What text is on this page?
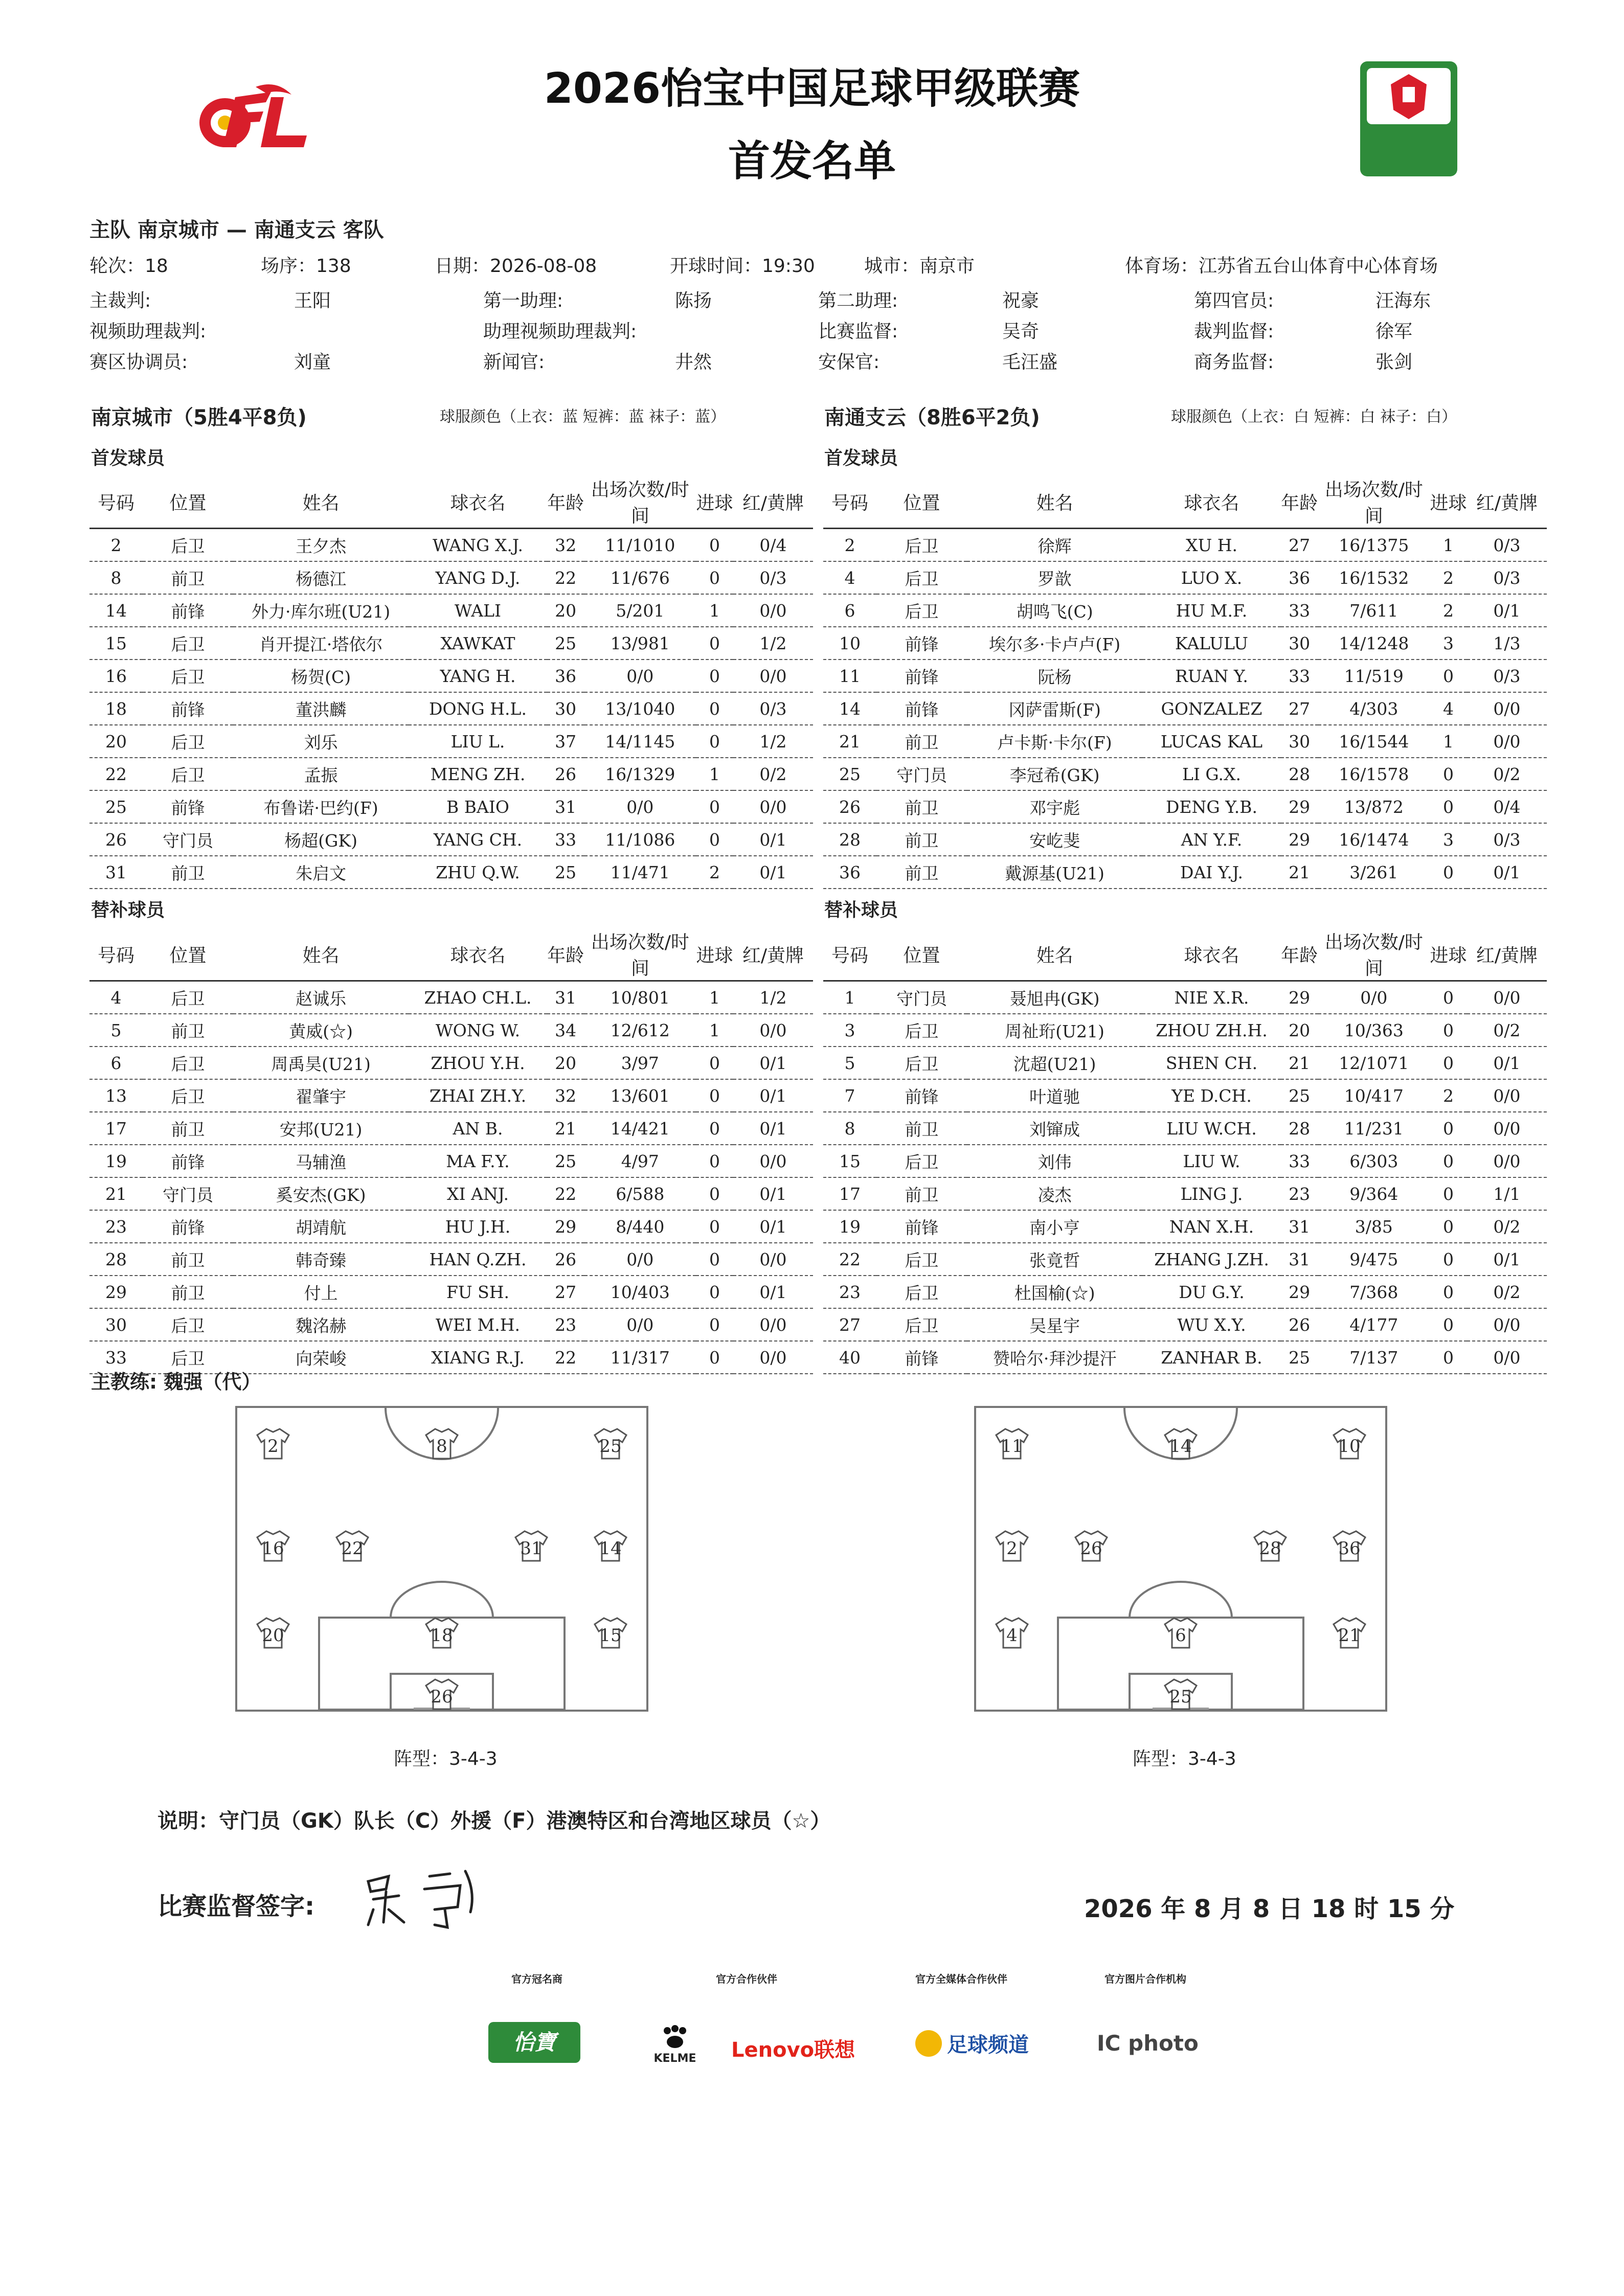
2026怡宝中国足球甲级联赛
首发名单
主队 南京城市 — 南通支云 客队
轮次：18	场序：138	日期：2026-08-08	开球时间：19:30	城市：南京市	体育场：江苏省五台山体育中心体育场
主裁判:	王阳	第一助理:	陈扬	第二助理:	祝豪	第四官员:	汪海东
视频助理裁判:	助理视频助理裁判:	比赛监督:	吴奇	裁判监督:	徐军
赛区协调员:	刘童	新闻官:	井然	安保官:	毛汪盛	商务监督:	张剑
南京城市（5胜4平8负)	球服颜色（上衣：蓝 短裤：蓝 袜子：蓝）	南通支云（8胜6平2负)	球服颜色（上衣：白 短裤：白 袜子：白）
首发球员	首发球员
替补球员	替补球员
号码	位置	姓名	球衣名	年龄	出场次数/时间	进球	红/黄牌
2	后卫	王夕杰	WANG X.J.	32	11/1010	0	0/4
8	前卫	杨德江	YANG D.J.	22	11/676	0	0/3
14	前锋	外力·库尔班(U21)	WALI	20	5/201	1	0/0
15	后卫	肖开提江·塔依尔	XAWKAT	25	13/981	0	1/2
16	后卫	杨贺(C)	YANG H.	36	0/0	0	0/0
18	前锋	董洪麟	DONG H.L.	30	13/1040	0	0/3
20	后卫	刘乐	LIU L.	37	14/1145	0	1/2
22	后卫	孟振	MENG ZH.	26	16/1329	1	0/2
25	前锋	布鲁诺·巴约(F)	B BAIO	31	0/0	0	0/0
26	守门员	杨超(GK)	YANG CH.	33	11/1086	0	0/1
31	前卫	朱启文	ZHU Q.W.	25	11/471	2	0/1
号码	位置	姓名	球衣名	年龄	出场次数/时间	进球	红/黄牌
2	后卫	徐辉	XU H.	27	16/1375	1	0/3
4	后卫	罗歆	LUO X.	36	16/1532	2	0/3
6	后卫	胡鸣飞(C)	HU M.F.	33	7/611	2	0/1
10	前锋	埃尔多·卡卢卢(F)	KALULU	30	14/1248	3	1/3
11	前锋	阮杨	RUAN Y.	33	11/519	0	0/3
14	前锋	冈萨雷斯(F)	GONZALEZ	27	4/303	4	0/0
21	前卫	卢卡斯·卡尔(F)	LUCAS KAL	30	16/1544	1	0/0
25	守门员	李冠希(GK)	LI G.X.	28	16/1578	0	0/2
26	前卫	邓宇彪	DENG Y.B.	29	13/872	0	0/4
28	前卫	安屹斐	AN Y.F.	29	16/1474	3	0/3
36	前卫	戴源基(U21)	DAI Y.J.	21	3/261	0	0/1
号码	位置	姓名	球衣名	年龄	出场次数/时间	进球	红/黄牌
4	后卫	赵诚乐	ZHAO CH.L.	31	10/801	1	1/2
5	前卫	黄威(☆)	WONG W.	34	12/612	1	0/0
6	后卫	周禹昊(U21)	ZHOU Y.H.	20	3/97	0	0/1
13	后卫	翟肇宇	ZHAI ZH.Y.	32	13/601	0	0/1
17	前卫	安邦(U21)	AN B.	21	14/421	0	0/1
19	前锋	马辅渔	MA F.Y.	25	4/97	0	0/0
21	守门员	奚安杰(GK)	XI ANJ.	22	6/588	0	0/1
23	前锋	胡靖航	HU J.H.	29	8/440	0	0/1
28	前卫	韩奇臻	HAN Q.ZH.	26	0/0	0	0/0
29	前卫	付上	FU SH.	27	10/403	0	0/1
30	后卫	魏洺赫	WEI M.H.	23	0/0	0	0/0
33	后卫	向荣峻	XIANG R.J.	22	11/317	0	0/0
号码	位置	姓名	球衣名	年龄	出场次数/时间	进球	红/黄牌
1	守门员	聂旭冉(GK)	NIE X.R.	29	0/0	0	0/0
3	后卫	周祉珩(U21)	ZHOU ZH.H.	20	10/363	0	0/2
5	后卫	沈超(U21)	SHEN CH.	21	12/1071	0	0/1
7	前锋	叶道驰	YE D.CH.	25	10/417	2	0/0
8	前卫	刘镩成	LIU W.CH.	28	11/231	0	0/0
15	后卫	刘伟	LIU W.	33	6/303	0	0/0
17	前卫	凌杰	LING J.	23	9/364	0	1/1
19	前锋	南小亨	NAN X.H.	31	3/85	0	0/2
22	后卫	张竟哲	ZHANG J.ZH.	31	9/475	0	0/1
23	后卫	杜国榆(☆)	DU G.Y.	29	7/368	0	0/2
27	后卫	吴星宇	WU X.Y.	26	4/177	0	0/0
40	前锋	赞哈尔·拜沙提汗	ZANHAR B.	25	7/137	0	0/0
主教练: 魏强（代）
2	8	25
16	22	31	14
20	18	15
26
11	14	10
2	26	28	36
4	6	21
25
阵型：3-4-3	阵型：3-4-3
说明：守门员（GK）队长（C）外援（F）港澳特区和台湾地区球员（☆）
比赛监督签字:	2026 年 8 月 8 日 18 时 15 分
官方冠名商	官方合作伙伴	官方全媒体合作伙伴	官方图片合作机构
怡寶
KELME	Lenovo联想	足球频道	IC photo
